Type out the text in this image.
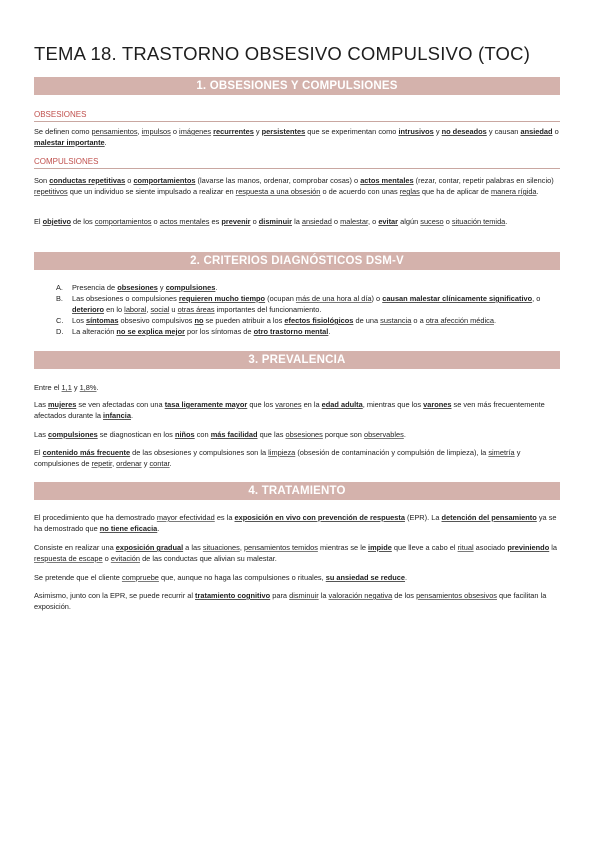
TEMA 18. TRASTORNO OBSESIVO COMPULSIVO (TOC)
1. OBSESIONES Y COMPULSIONES
OBSESIONES
Se definen como pensamientos, impulsos o imágenes recurrentes y persistentes que se experimentan como intrusivos y no deseados y causan ansiedad o malestar importante.
COMPULSIONES
Son conductas repetitivas o comportamientos (lavarse las manos, ordenar, comprobar cosas) o actos mentales (rezar, contar, repetir palabras en silencio) repetitivos que un individuo se siente impulsado a realizar en respuesta a una obsesión o de acuerdo con unas reglas que ha de aplicar de manera rígida.
El objetivo de los comportamientos o actos mentales es prevenir o disminuir la ansiedad o malestar, o evitar algún suceso o situación temida.
2. CRITERIOS DIAGNÓSTICOS DSM-V
A. Presencia de obsesiones y compulsiones.
B. Las obsesiones o compulsiones requieren mucho tiempo (ocupan más de una hora al día) o causan malestar clínicamente significativo, o deterioro en lo laboral, social u otras áreas importantes del funcionamiento.
C. Los síntomas obsesivo compulsivos no se pueden atribuir a los efectos fisiológicos de una sustancia o a otra afección médica.
D. La alteración no se explica mejor por los síntomas de otro trastorno mental.
3. PREVALENCIA
Entre el 1,1 y 1,8%.
Las mujeres se ven afectadas con una tasa ligeramente mayor que los varones en la edad adulta, mientras que los varones se ven más frecuentemente afectados durante la infancia.
Las compulsiones se diagnostican en los niños con más facilidad que las obsesiones porque son observables.
El contenido más frecuente de las obsesiones y compulsiones son la limpieza (obsesión de contaminación y compulsión de limpieza), la simetría y compulsiones de repetir, ordenar y contar.
4. TRATAMIENTO
El procedimiento que ha demostrado mayor efectividad es la exposición en vivo con prevención de respuesta (EPR). La detención del pensamiento ya se ha demostrado que no tiene eficacia.
Consiste en realizar una exposición gradual a las situaciones, pensamientos temidos mientras se le impide que lleve a cabo el ritual asociado previniendo la respuesta de escape o evitación de las conductas que alivian su malestar.
Se pretende que el cliente compruebe que, aunque no haga las compulsiones o rituales, su ansiedad se reduce.
Asimismo, junto con la EPR, se puede recurrir al tratamiento cognitivo para disminuir la valoración negativa de los pensamientos obsesivos que facilitan la exposición.
